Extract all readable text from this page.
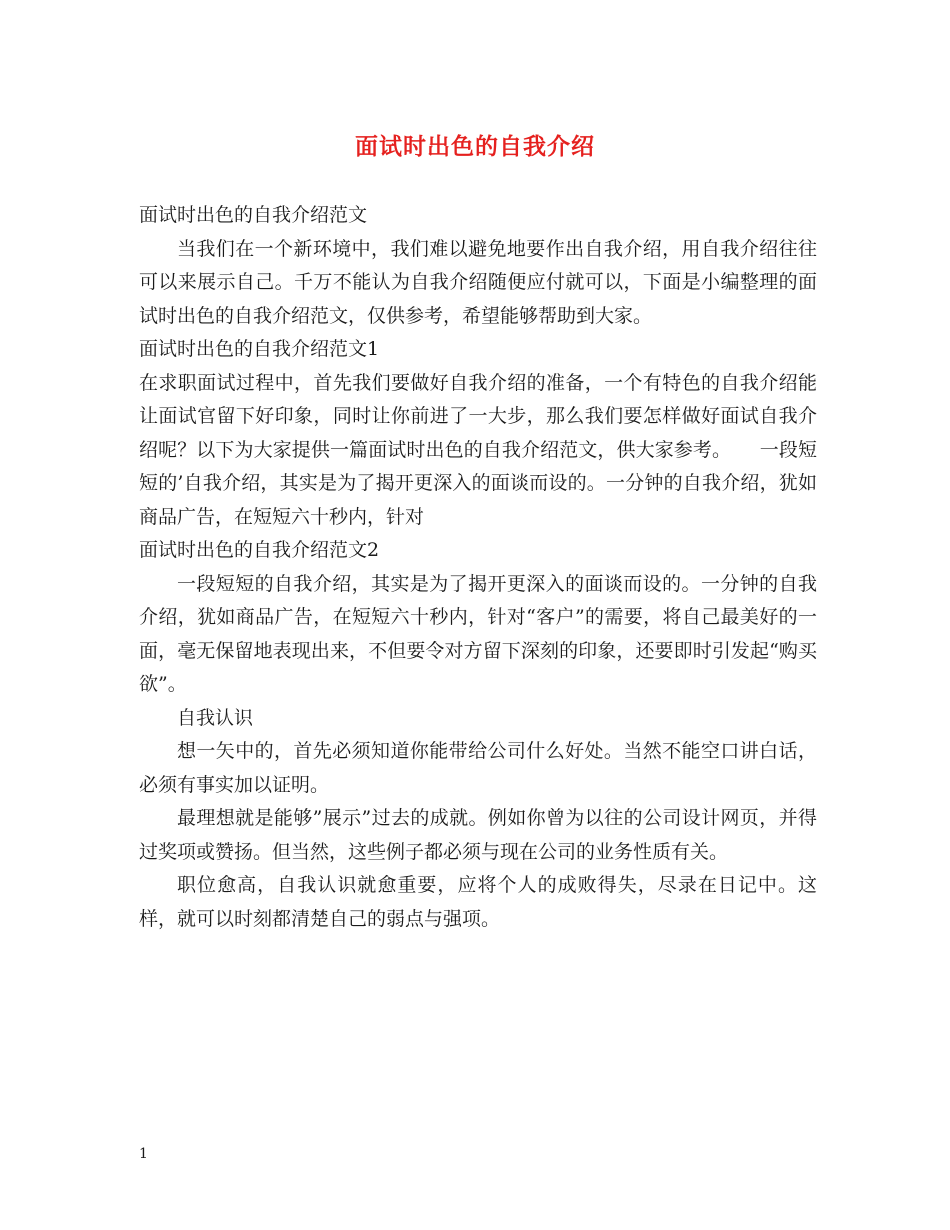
面试时出色的自我介绍

面试时出色的自我介绍范文

当我们在一个新环境中，我们难以避免地要作出自我介绍，用自我介绍往往可以来展示自己。千万不能认为自我介绍随便应付就可以，下面是小编整理的面试时出色的自我介绍范文，仅供参考，希望能够帮助到大家。

面试时出色的自我介绍范文1

在求职面试过程中，首先我们要做好自我介绍的准备，一个有特色的自我介绍能让面试官留下好印象，同时让你前进了一大步，那么我们要怎样做好面试自我介绍呢？以下为大家提供一篇面试时出色的自我介绍范文，供大家参考。　　一段短短的’自我介绍，其实是为了揭开更深入的面谈而设的。一分钟的自我介绍，犹如商品广告，在短短六十秒内，针对

面试时出色的自我介绍范文2

一段短短的自我介绍，其实是为了揭开更深入的面谈而设的。一分钟的自我介绍，犹如商品广告，在短短六十秒内，针对“客户”的需要，将自己最美好的一面，毫无保留地表现出来，不但要令对方留下深刻的印象，还要即时引发起“购买欲”。

自我认识

想一矢中的，首先必须知道你能带给公司什么好处。当然不能空口讲白话，必须有事实加以证明。

最理想就是能够”展示”过去的成就。例如你曾为以往的公司设计网页，并得过奖项或赞扬。但当然，这些例子都必须与现在公司的业务性质有关。

职位愈高，自我认识就愈重要，应将个人的成败得失，尽录在日记中。这样，就可以时刻都清楚自己的弱点与强项。

1
